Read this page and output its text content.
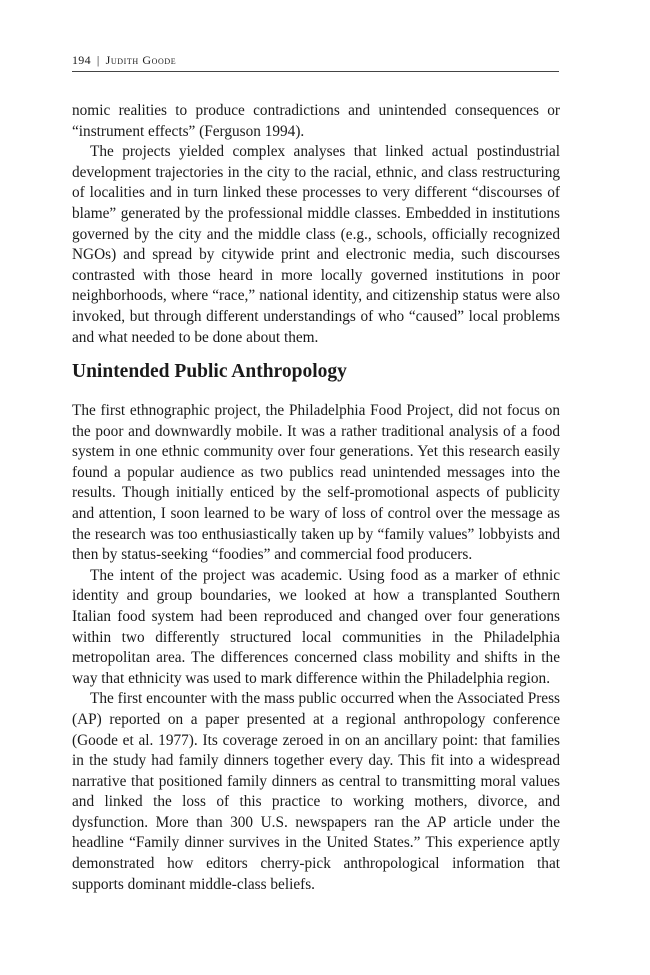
194 | Judith Goode

nomic realities to produce contradictions and unintended consequences or “instrument effects” (Ferguson 1994).

The projects yielded complex analyses that linked actual postindustrial development trajectories in the city to the racial, ethnic, and class restructuring of localities and in turn linked these processes to very different “discourses of blame” generated by the professional middle classes. Embedded in institutions governed by the city and the middle class (e.g., schools, officially recognized NGOs) and spread by citywide print and electronic media, such discourses contrasted with those heard in more locally governed institutions in poor neighborhoods, where “race,” national identity, and citizenship status were also invoked, but through different understandings of who “caused” local problems and what needed to be done about them.

Unintended Public Anthropology

The first ethnographic project, the Philadelphia Food Project, did not focus on the poor and downwardly mobile. It was a rather traditional analysis of a food system in one ethnic community over four generations. Yet this research easily found a popular audience as two publics read unintended messages into the results. Though initially enticed by the self-promotional aspects of publicity and attention, I soon learned to be wary of loss of control over the message as the research was too enthusiastically taken up by “family values” lobbyists and then by status-seeking “foodies” and commercial food producers.

The intent of the project was academic. Using food as a marker of ethnic identity and group boundaries, we looked at how a transplanted Southern Italian food system had been reproduced and changed over four generations within two differently structured local communities in the Philadelphia metropolitan area. The differences concerned class mobility and shifts in the way that ethnicity was used to mark difference within the Philadelphia region.

The first encounter with the mass public occurred when the Associated Press (AP) reported on a paper presented at a regional anthropology conference (Goode et al. 1977). Its coverage zeroed in on an ancillary point: that families in the study had family dinners together every day. This fit into a widespread narrative that positioned family dinners as central to transmitting moral values and linked the loss of this practice to working mothers, divorce, and dysfunction. More than 300 U.S. newspapers ran the AP article under the headline “Family dinner survives in the United States.” This experience aptly demonstrated how editors cherry-pick anthropological information that supports dominant middle-class beliefs.
